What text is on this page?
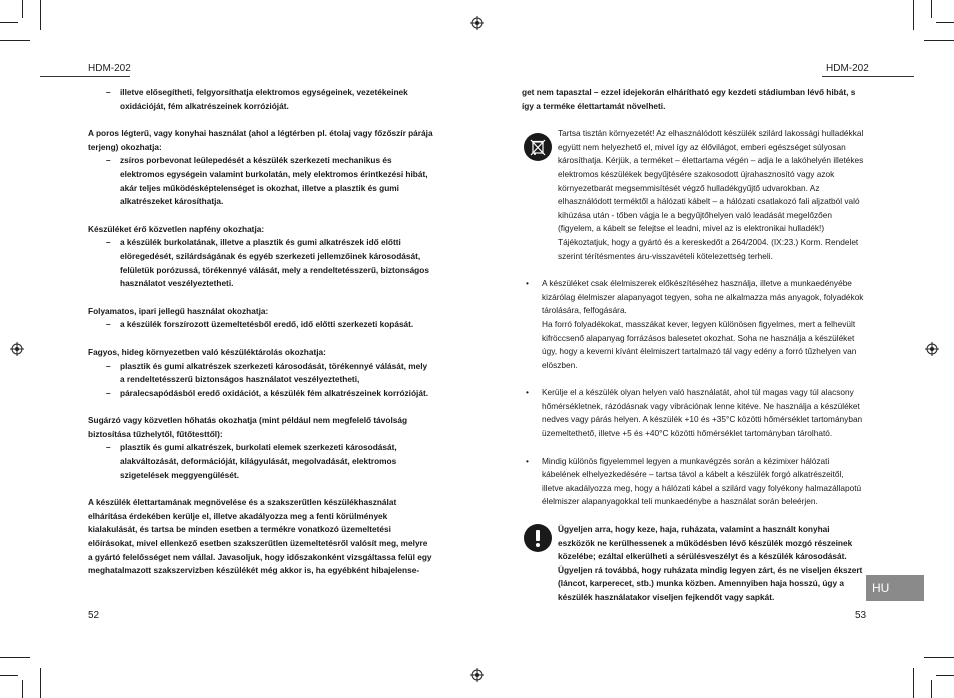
HDM-202	HDM-202

– illetve elősegítheti, felgyorsíthatja elektromos egységeinek, vezetékeinek oxidációját, fém alkatrészeinek korrózióját.

A poros légterű, vagy konyhai használat (ahol a légtérben pl. étolaj vagy főzőszír párája terjeng) okozhatja:

– zsíros porbevonat leülepedését a készülék szerkezeti mechanikus és elektromos egységein valamint burkolatán, mely elektromos érintkezési hibát, akár teljes működésképtelenséget is okozhat, illetve a plasztik és gumi alkatrészeket károsíthatja.

Készüléket érő közvetlen napfény okozhatja:

– a készülék burkolatának, illetve a plasztik és gumi alkatrészek idő előtti elöregedését, szilárdságának és egyéb szerkezeti jellemzőinek károsodását, felületük porózussá, törékennyé válását, mely a rendeltetésszerű, biztonságos használatot veszélyeztetheti.

Folyamatos, ipari jellegű használat okozhatja:

– a készülék forszírozott üzemeltetésből eredő, idő előtti szerkezeti kopását.

Fagyos, hideg környezetben való készüléktárolás okozhatja:

– plasztik és gumi alkatrészek szerkezeti károsodását, törékennyé válását, mely a rendeltetésszerű biztonságos használatot veszélyeztetheti,

– páralecsapódásból eredő oxidációt, a készülék fém alkatrészeinek korrózióját.

Sugárzó vagy közvetlen hőhatás okozhatja (mint például nem megfelelő távolság biztosítása tűzhelytől, fűtőtesttől):

– plasztik és gumi alkatrészek, burkolati elemek szerkezeti károsodását, alakváltozását, deformációját, kilágyulását, megolvadását, elektromos szigetelések meggyengülését.

A készülék élettartamának megnövelése és a szakszerűtlen készülékhasználat elhárítása érdekében kerülje el, illetve akadályozza meg a fenti körülmények kialakulását, és tartsa be minden esetben a termékre vonatkozó üzemeltetési előírásokat, mivel ellenkező esetben szakszerűtlen üzemeltetésről valósít meg, melyre a gyártó felelősséget nem vállal. Javasoljuk, hogy időszakonként vizsgáltassa felül egy meghatalmazott szakszervizben készülékét még akkor is, ha egyébként hibajelense-

get nem tapasztal – ezzel idejekorán elhárítható egy kezdeti stádiumban lévő hibát, s így a terméke élettartamát növelheti.

Tartsa tisztán környezetét! Az elhasználódott készülék szilárd lakossági hulladékkal együtt nem helyezhető el, mivel így az élővilágot, emberi egészséget súlyosan károsíthatja. Kérjük, a terméket – élettartama végén – adja le a lakóhelyén illetékes elektromos készülékek begyűjtésére szakosodott újrahasznosító vagy azok környezetbarát megsemmisítését végző hulladékgyűjtő udvarokban. Az elhasználódott terméktől a hálózati kábelt – a hálózati csatlakozó fali aljzatból való kihúzása után - tőben vágja le a begyűjtőhelyen való leadását megelőzően (figyelem, a kábelt se felejtse el leadni, mivel az is elektronikai hulladék!)

Tájékoztatjuk, hogy a gyártó és a kereskedőt a 264/2004. (IX:23.) Korm. Rendelet szerint térítésmentes áru-visszavételi kötelezettség terheli.

• A készüléket csak élelmiszerek előkészítéséhez használja, illetve a munkaedényébe kizárólag élelmiszer alapanyagot tegyen, soha ne alkalmazza más anyagok, folyadékok tárolására, felfogására.

Ha forró folyadékokat, masszákat kever, legyen különösen figyelmes, mert a felhevült kifröccsenő alapanyag forrázásos balesetet okozhat. Soha ne használja a készüléket úgy, hogy a keverni kívánt élelmiszert tartalmazó tál vagy edény a forró tűzhelyen van elöszben.

• Kerülje el a készülék olyan helyen való használatát, ahol túl magas vagy túl alacsony hőmérsékletnek, rázódásnak vagy vibrációnak lenne kitéve. Ne használja a készüléket nedves vagy párás helyen. A készülék +10 és +35°C közötti hőmérséklet tartományban üzemeltethető, illetve +5 és +40°C közötti hőmérséklet tartományban tárolható.

• Mindig különös figyelemmel legyen a munkavégzés során a kézimixer hálózati kábelének elhelyezkedésére – tartsa távol a kábelt a készülék forgó alkatrészeitől, illetve akadályozza meg, hogy a hálózati kábel a szilárd vagy folyékony halmazállapotú élelmiszer alapanyagokkal teli munkaedénybe a használat során beleérjen.

Ügyeljen arra, hogy keze, haja, ruházata, valamint a használt konyhai eszközök ne kerülhessenek a működésben lévő készülék mozgó részeinek közelébe; ezáltal elkerülheti a sérülésveszélyt és a készülék károsodását. Ügyeljen rá továbbá, hogy ruházata mindig legyen zárt, és ne viseljen ékszert (láncot, karperecet, stb.) munka közben. Amennyiben haja hosszú, úgy a készülék használatakor viseljen fejkendőt vagy sapkát.

52	53
HU
